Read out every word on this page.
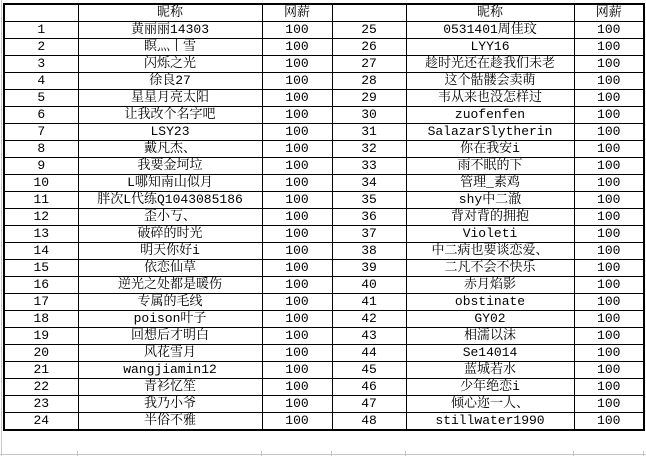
	昵称	网薪		昵称	网薪
1	黄丽丽14303	100	25	0531401周佳玟	100
2	瞑灬丨雪	100	26	LYY16	100
3	闪烁之光	100	27	趁时光还在趁我们未老	100
4	徐良27	100	28	这个骷髅会卖萌	100
5	星星月亮太阳	100	29	韦从来也没怎样过	100
6	让我改个名字吧	100	30	zuofenfen	100
7	LSY23	100	31	SalazarSlytherin	100
8	戴凡杰、	100	32	你在我安i	100
9	我要金坷垃	100	33	雨不眠的下	100
10	L哪知南山似月	100	34	管理_素鸡	100
11	胖次L代练Q1043085186	100	35	shy中二澈	100
12	歪小丂、	100	36	背对背的拥抱	100
13	破碎的时光	100	37	Violeti	100
14	明天你好i	100	38	中二病也要谈恋爱、	100
15	依恋仙草	100	39	二凡不会不快乐	100
16	逆光之处都是暖伤	100	40	赤月焰影	100
17	专属的毛线	100	41	obstinate	100
18	poison叶子	100	42	GY02	100
19	回想后才明白	100	43	相濡以沫	100
20	风花雪月	100	44	Se14014	100
21	wangjiamin12	100	45	蓝城若水	100
22	青衫忆笙	100	46	少年绝恋i	100
23	我乃小爷	100	47	倾心迩一人、	100
24	半俗不雅	100	48	stillwater1990	100
